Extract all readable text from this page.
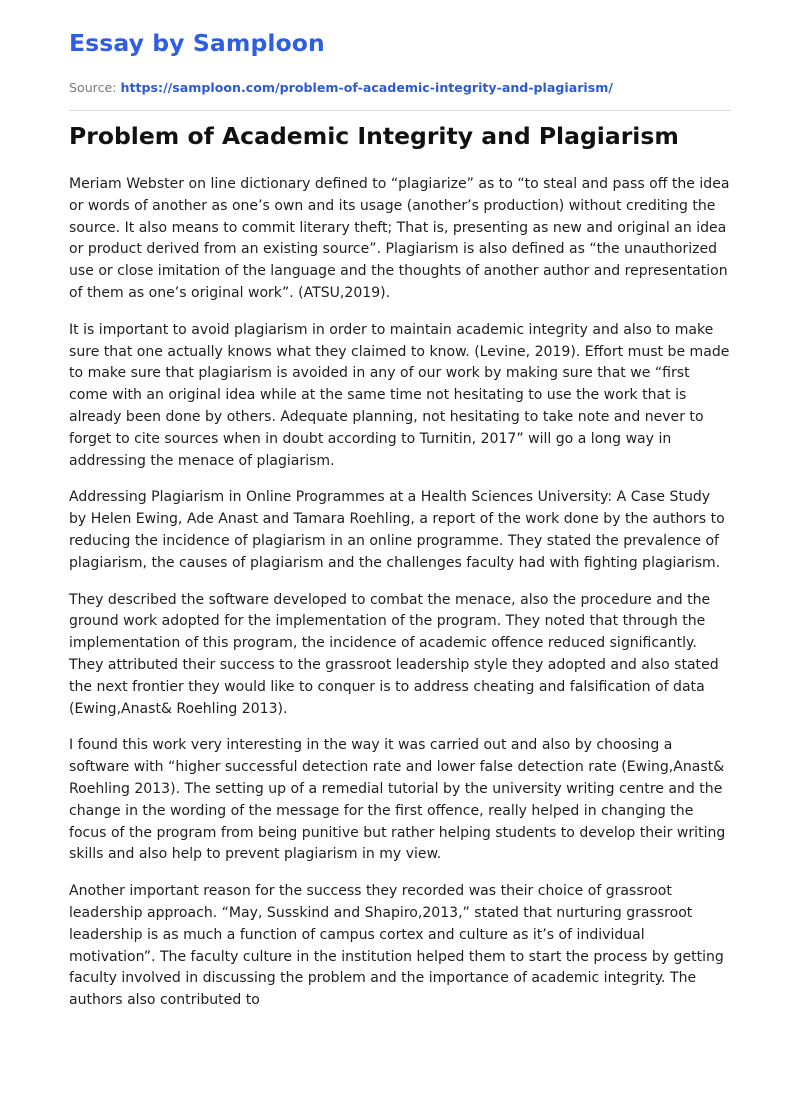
Essay by Samploon
Source: https://samploon.com/problem-of-academic-integrity-and-plagiarism/
Problem of Academic Integrity and Plagiarism

Meriam Webster on line dictionary defined to “plagiarize” as to “to steal and pass off the idea or words of another as one’s own and its usage (another’s production) without crediting the source. It also means to commit literary theft; That is, presenting as new and original an idea or product derived from an existing source”. Plagiarism is also defined as “the unauthorized use or close imitation of the language and the thoughts of another author and representation of them as one’s original work”. (ATSU,2019).

It is important to avoid plagiarism in order to maintain academic integrity and also to make sure that one actually knows what they claimed to know. (Levine, 2019). Effort must be made to make sure that plagiarism is avoided in any of our work by making sure that we “first come with an original idea while at the same time not hesitating to use the work that is already been done by others. Adequate planning, not hesitating to take note and never to forget to cite sources when in doubt according to Turnitin, 2017” will go a long way in addressing the menace of plagiarism.

Addressing Plagiarism in Online Programmes at a Health Sciences University: A Case Study by Helen Ewing, Ade Anast and Tamara Roehling, a report of the work done by the authors to reducing the incidence of plagiarism in an online programme. They stated the prevalence of plagiarism, the causes of plagiarism and the challenges faculty had with fighting plagiarism.

They described the software developed to combat the menace, also the procedure and the ground work adopted for the implementation of the program. They noted that through the implementation of this program, the incidence of academic offence reduced significantly. They attributed their success to the grassroot leadership style they adopted and also stated the next frontier they would like to conquer is to address cheating and falsification of data (Ewing,Anast& Roehling 2013).

I found this work very interesting in the way it was carried out and also by choosing a software with “higher successful detection rate and lower false detection rate (Ewing,Anast& Roehling 2013). The setting up of a remedial tutorial by the university writing centre and the change in the wording of the message for the first offence, really helped in changing the focus of the program from being punitive but rather helping students to develop their writing skills and also help to prevent plagiarism in my view.

Another important reason for the success they recorded was their choice of grassroot leadership approach. “May, Susskind and Shapiro,2013,” stated that nurturing grassroot leadership is as much a function of campus cortex and culture as it’s of individual motivation”. The faculty culture in the institution helped them to start the process by getting faculty involved in discussing the problem and the importance of academic integrity. The authors also contributed to
